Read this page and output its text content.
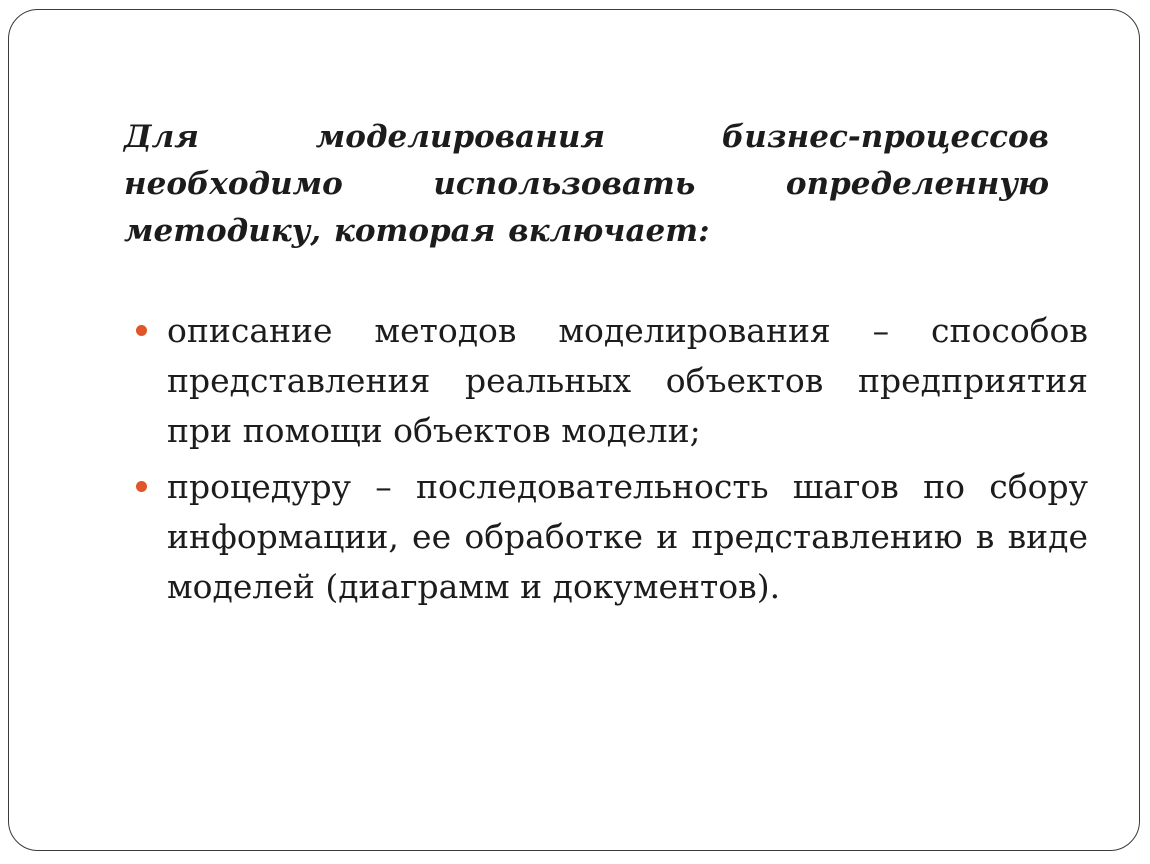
Для моделирования бизнес-процессов необходимо использовать определенную методику, которая включает:
описание методов моделирования – способов представления реальных объектов предприятия при помощи объектов модели;
процедуру – последовательность шагов по сбору информации, ее обработке и представлению в виде моделей (диаграмм и документов).
